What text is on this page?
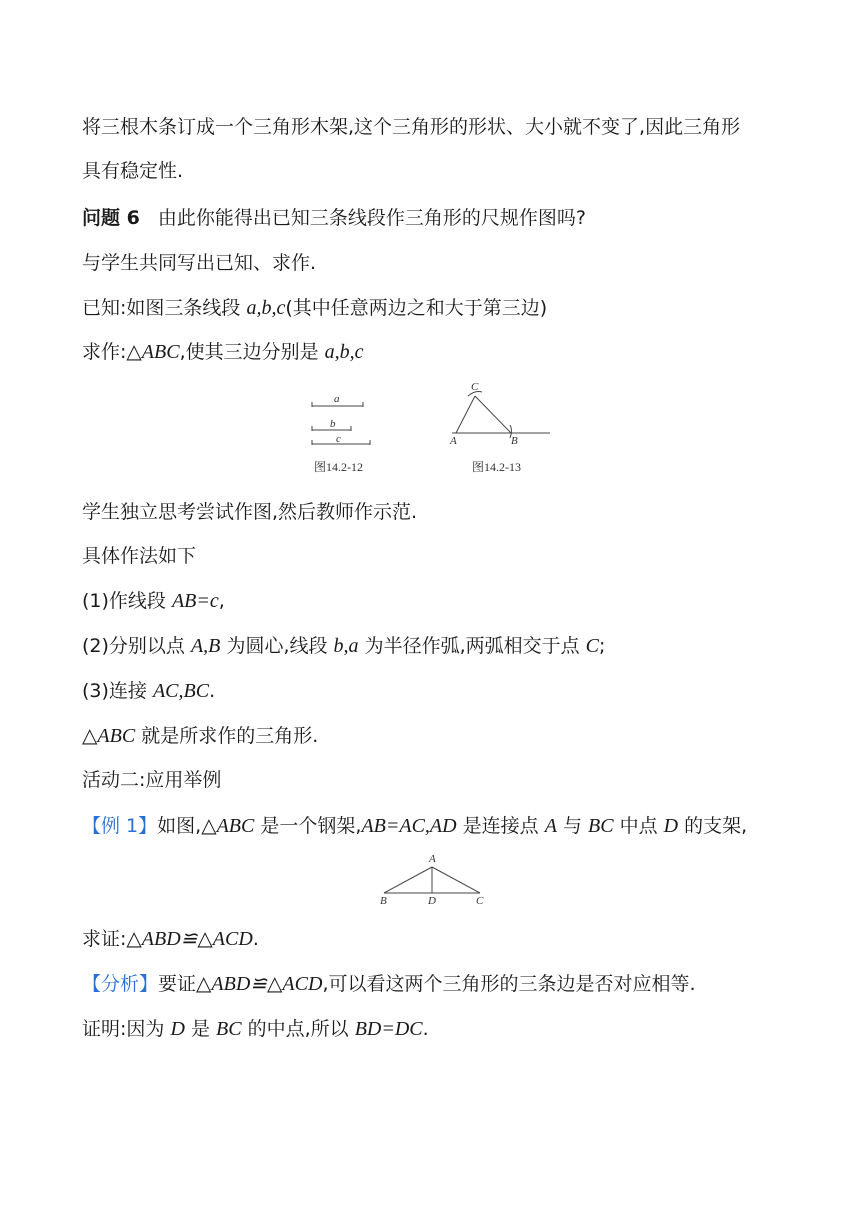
将三根木条订成一个三角形木架,这个三角形的形状、大小就不变了,因此三角形
具有稳定性.
问题 6 由此你能得出已知三条线段作三角形的尺规作图吗?
与学生共同写出已知、求作.
已知:如图三条线段 a,b,c(其中任意两边之和大于第三边)
求作:△ABC,使其三边分别是 a,b,c
a
b
c
图14.2-12
C
A	B
图14.2-13
学生独立思考尝试作图,然后教师作示范.
具体作法如下
(1)作线段 AB=c,
(2)分别以点 A,B 为圆心,线段 b,a 为半径作弧,两弧相交于点 C;
(3)连接 AC,BC.
△ABC 就是所求作的三角形.
活动二:应用举例
【例 1】如图,△ABC 是一个钢架,AB=AC,AD 是连接点 A 与 BC 中点 D 的支架,
A
B	D	C
求证:△ABD≌△ACD.
【分析】要证△ABD≌△ACD,可以看这两个三角形的三条边是否对应相等.
证明:因为 D 是 BC 的中点,所以 BD=DC.
